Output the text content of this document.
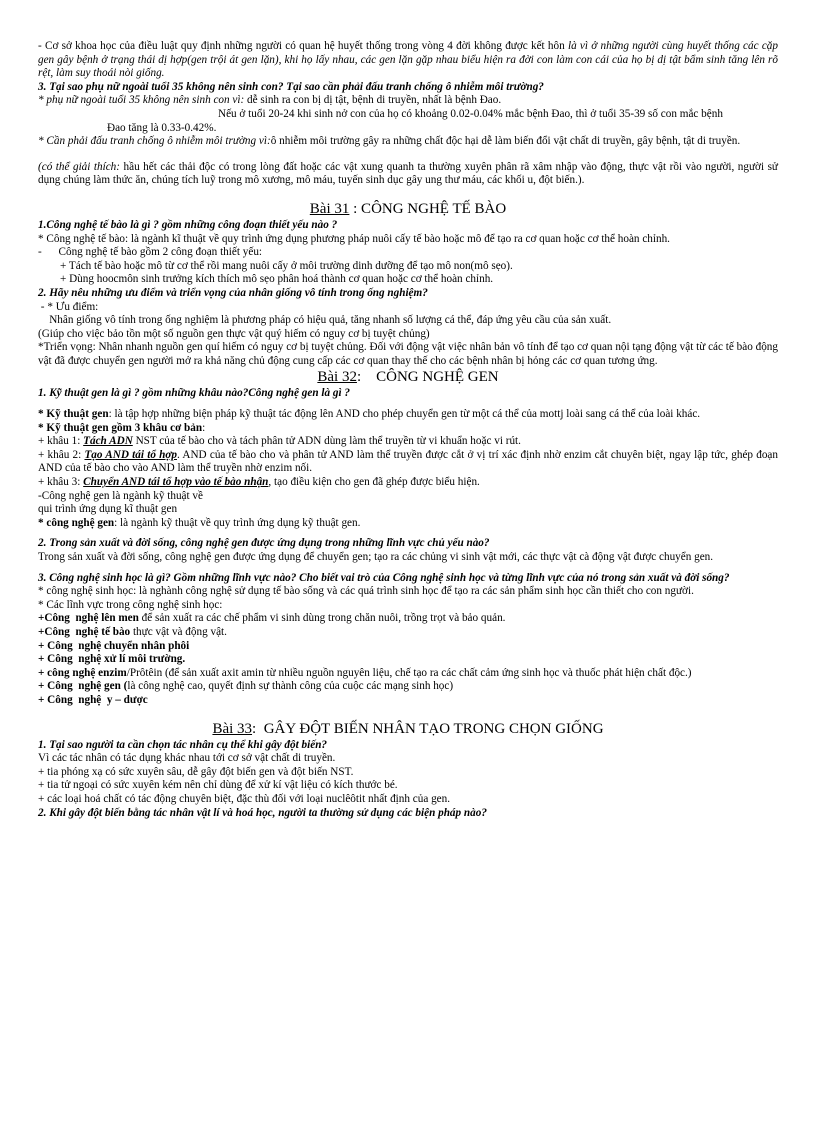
- Cơ sở khoa học của điều luật quy định những người có quan hệ huyết thống trong vòng 4 đời không được kết hôn là vì ở những người cùng huyết thống các cặp gen gây bệnh ở trạng thái dị hợp(gen trội át gen lặn), khi họ lấy nhau, các gen lặn gặp nhau biểu hiện ra đời con làm con cái của họ bị dị tật bẩm sinh tăng lên rõ rệt, làm suy thoái nòi giống.

3. Tại sao phụ nữ ngoài tuổi 35 không nên sinh con? Tại sao cần phải đấu tranh chống ô nhiễm môi trường?

* phụ nữ ngoài tuổi 35 không nên sinh con vì: dễ sinh ra con bị dị tật, bệnh di truyền, nhất là bệnh Đao.

Nếu ở tuổi 20-24 khi sinh nở con của họ có khoảng 0.02-0.04% mắc bệnh Đao, thì ở tuổi 35-39 số con mắc bệnh

Đao tăng là 0.33-0.42%.

* Cần phải đấu tranh chống ô nhiễm môi trường vì:ô nhiễm môi trường gây ra những chất độc hại dễ làm biến đổi vật chất di truyền, gây bệnh, tật di truyền.

(có thể giải thích: hầu hết các thải độc có trong lòng đất hoặc các vật xung quanh ta thường xuyên phân rã xâm nhập vào động, thực vật rồi vào người, người sử dụng chúng làm thức ăn, chúng tích luỹ trong mô xương, mô máu, tuyến sinh dục gây ung thư máu, các khối u, đột biến.).

Bài 31 : CÔNG NGHỆ TẾ BÀO

1.Công nghệ tế bào là gì ? gồm những công đoạn thiết yếu nào ?

* Công nghệ tế bào: là ngành kĩ thuật về quy trình ứng dụng phương pháp nuôi cấy tế bào hoặc mô để tạo ra cơ quan hoặc cơ thể hoàn chỉnh.

-      Công nghệ tế bào gồm 2 công đoạn thiết yếu:

+ Tách tế bào hoặc mô từ cơ thể rồi mang nuôi cấy ở môi trường dinh dưỡng để tạo mô non(mô sẹo).

+ Dùng hoocmôn sinh trưởng kích thích mô sẹo phân hoá thành cơ quan hoặc cơ thể hoàn chỉnh.

2. Hãy nêu những ưu điểm và triển vọng của nhân giống vô tính trong ống nghiệm?

- * Ưu điểm:

Nhân giống vô tính trong ống nghiệm là phương pháp có hiệu quả, tăng nhanh số lượng cá thể, đáp ứng yêu cầu của sản xuất.

(Giúp cho việc bảo tồn một số nguồn gen thực vật quý hiếm có nguy cơ bị tuyệt chủng)

*Triển vọng: Nhân nhanh nguồn gen quí hiếm có nguy cơ bị tuyệt chủng. Đối với động vật việc nhân bản vô tính để tạo cơ quan nội tạng động vật từ các tế bào động vật đã được chuyển gen người mở ra khả năng chủ động cung cấp các cơ quan thay thế cho các bệnh nhân bị hỏng các cơ quan tương ứng.

Bài 32:    CÔNG NGHỆ GEN

1. Kỹ thuật gen là gì ? gồm những khâu nào?Công nghệ gen là gì ?

* Kỹ thuật gen: là tập hợp những biện pháp kỹ thuật tác động lên AND cho phép chuyển gen từ một cá thể của mottj loài sang cá thể của loài khác.

* Kỹ thuật gen gồm 3 khâu cơ bản:

+ khâu 1: Tách ADN NST của tế bào cho và tách phân tử ADN dùng làm thể truyền từ vi khuẩn hoặc vi rút.

+ khâu 2: Tạo AND tái tổ hợp. AND của tế bào cho và phân tử AND làm thể truyền được cắt ở vị trí xác định nhờ enzim cắt chuyên biệt, ngay lập tức, ghép đoạn AND của tế bào cho vào AND làm thể truyền nhờ enzim nối.

+ khâu 3: Chuyển AND tái tổ hợp vào tế bào nhận, tạo điều kiện cho gen đã ghép được biểu hiện.

-Công nghệ gen là ngành kỹ thuật về

qui trình ứng dụng kĩ thuật gen

* công nghệ gen: là ngành kỹ thuật về quy trình ứng dụng kỹ thuật gen.

2. Trong sản xuất và đời sống, công nghệ gen được ứng dụng trong những lĩnh vực chủ yếu nào?

Trong sản xuất và đời sống, công nghệ gen được ứng dụng để chuyển gen; tạo ra các chủng vi sinh vật mới, các thực vật cà động vật được chuyển gen.

3. Công nghệ sinh học là gì? Gồm những lĩnh vực nào? Cho biết vai trò của Công nghệ sinh học và từng lĩnh vực của nó trong sản xuất và đời sống?

* công nghệ sinh học: là nghành công nghệ sử dụng tế bào sống và các quá trình sinh học để tạo ra các sản phẩm sinh học cần thiết cho con người.

* Các lĩnh vực trong công nghệ sinh học:

+Công  nghệ lên men để sản xuất ra các chế phẩm vi sinh dùng trong chăn nuôi, trồng trọt và bảo quản.

+Công  nghệ tế bào thực vật và động vật.

+ Công  nghệ chuyển nhân phôi

+ Công  nghệ xử lí môi trường.

+ công nghệ enzim/Prôtêin (để sản xuất axit amin từ nhiều nguồn nguyên liệu, chế tạo ra các chất cảm ứng sinh học và thuốc phát hiện chất độc.)

+ Công  nghệ gen (là công nghệ cao, quyết định sự thành công của cuộc các mạng sinh học)

+ Công  nghệ  y – dược

Bài 33:  GÂY ĐỘT BIẾN NHÂN TẠO TRONG CHỌN GIỐNG

1. Tại sao người ta cần chọn tác nhân cụ thể khi gây đột biến?

Vì các tác nhân có tác dụng khác nhau tới cơ sở vật chất di truyền.

+ tia phóng xạ có sức xuyên sâu, dễ gây đột biến gen và đột biến NST.

+ tia tử ngoại có sức xuyên kém nên chỉ dùng để xử kí vật liệu có kích thước bé.

+ các loại hoá chất có tác động chuyên biệt, đặc thù đối với loại nuclêôtit nhất định của gen.

2. Khi gây đột biến bằng tác nhân vật lí và hoá học, người ta thường sử dụng các biện pháp nào?
